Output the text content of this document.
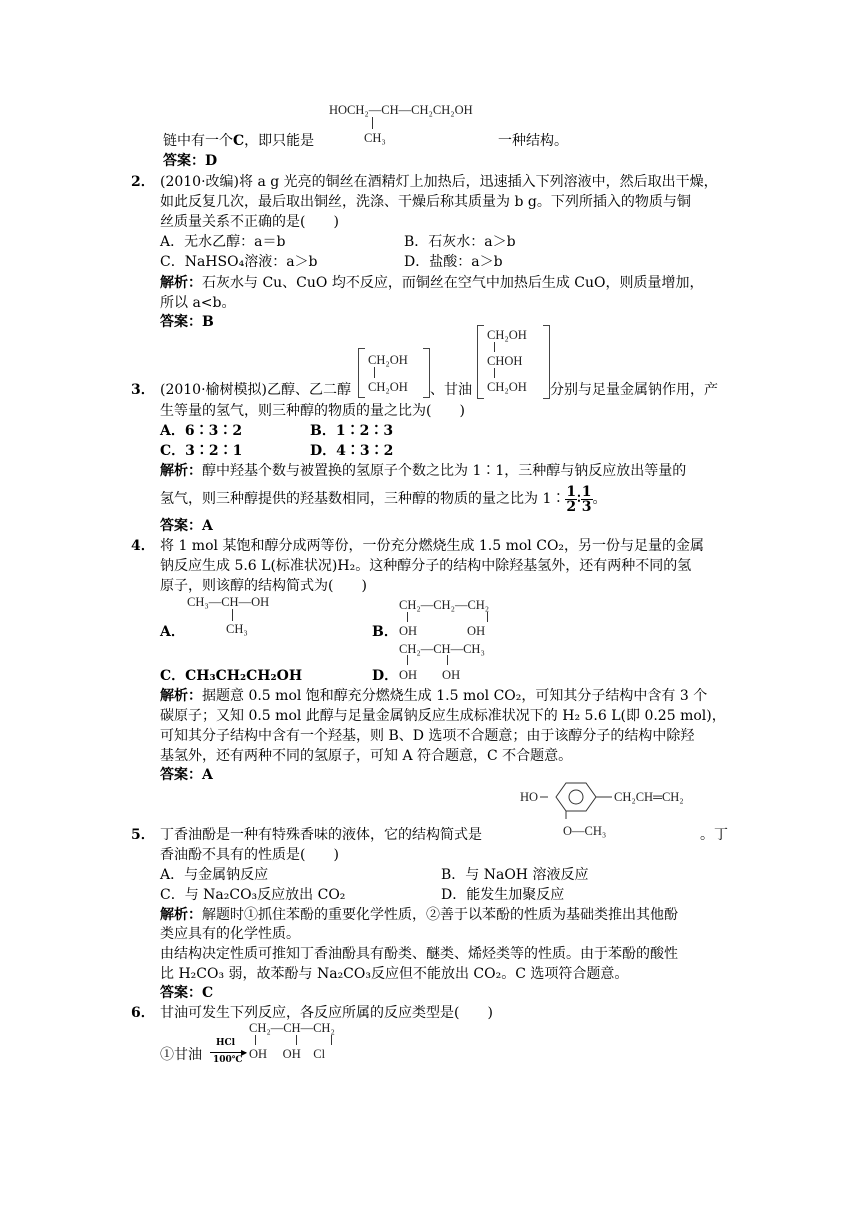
HOCH₂—CH—CH₂CH₂OH
CH₃
链中有一个C，即只能是	一种结构。
答案：D
2． (2010·改编)将 a g 光亮的铜丝在酒精灯上加热后，迅速插入下列溶液中，然后取出干燥，
如此反复几次，最后取出铜丝，洗涤、干燥后称其质量为 b g。下列所插入的物质与铜
丝质量关系不正确的是(　　)
A．无水乙醇：a＝b	B．石灰水：a＞b
C．NaHSO₄溶液：a＞b	D．盐酸：a＞b
解析：石灰水与 Cu、CuO 均不反应，而铜丝在空气中加热后生成 CuO，则质量增加，
所以 a<b。
答案：B
CH₂OH
CH₂OH
CH₂OH
CHOH
CH₂OH
3． (2010·榆树模拟)乙醇、乙二醇	、甘油	分别与足量金属钠作用，产
生等量的氢气，则三种醇的物质的量之比为(　　)
A．6∶3∶2	B．1∶2∶3
C．3∶2∶1	D．4∶3∶2
解析：醇中羟基个数与被置换的氢原子个数之比为 1∶1，三种醇与钠反应放出等量的
氢气，则三种醇提供的羟基数相同，三种醇的物质的量之比为 1∶ $\frac{1}{2}$ ∶ $\frac{1}{3}$ 。
答案：A
4． 将 1 mol 某饱和醇分成两等份，一份充分燃烧生成 1.5 mol CO₂，另一份与足量的金属
钠反应生成 5.6 L(标准状况)H₂。这种醇分子的结构中除羟基氢外，还有两种不同的氢
原子，则该醇的结构简式为(　　)
CH₃—CH—OH
CH₃
A．
CH₂—CH₂—CH₂
B． OH　　　　OH
CH₂—CH—CH₃
C．CH₃CH₂CH₂OH	D． OH　　OH
解析：据题意 0.5 mol 饱和醇充分燃烧生成 1.5 mol CO₂，可知其分子结构中含有 3 个
碳原子；又知 0.5 mol 此醇与足量金属钠反应生成标准状况下的 H₂ 5.6 L(即 0.25 mol)，
可知其分子结构中含有一个羟基，则 B、D 选项不合题意；由于该醇分子的结构中除羟
基氢外，还有两种不同的氢原子，可知 A 符合题意，C 不合题意。
答案：A
HO	CH₂CH═CH₂
O—CH₃
5． 丁香油酚是一种有特殊香味的液体，它的结构简式是	。丁
香油酚不具有的性质是(　　)
A．与金属钠反应	B．与 NaOH 溶液反应
C．与 Na₂CO₃反应放出 CO₂	D．能发生加聚反应
解析：解题时①抓住苯酚的重要化学性质，②善于以苯酚的性质为基础类推出其他酚
类应具有的化学性质。
由结构决定性质可推知丁香油酚具有酚类、醚类、烯烃类等的性质。由于苯酚的酸性
比 H₂CO₃ 弱，故苯酚与 Na₂CO₃反应但不能放出 CO₂。C 选项符合题意。
答案：C
6． 甘油可发生下列反应，各反应所属的反应类型是(　　)
CH₂—CH—CH₂
①甘油
HCl
▶
100℃ OH　 OH　Cl
